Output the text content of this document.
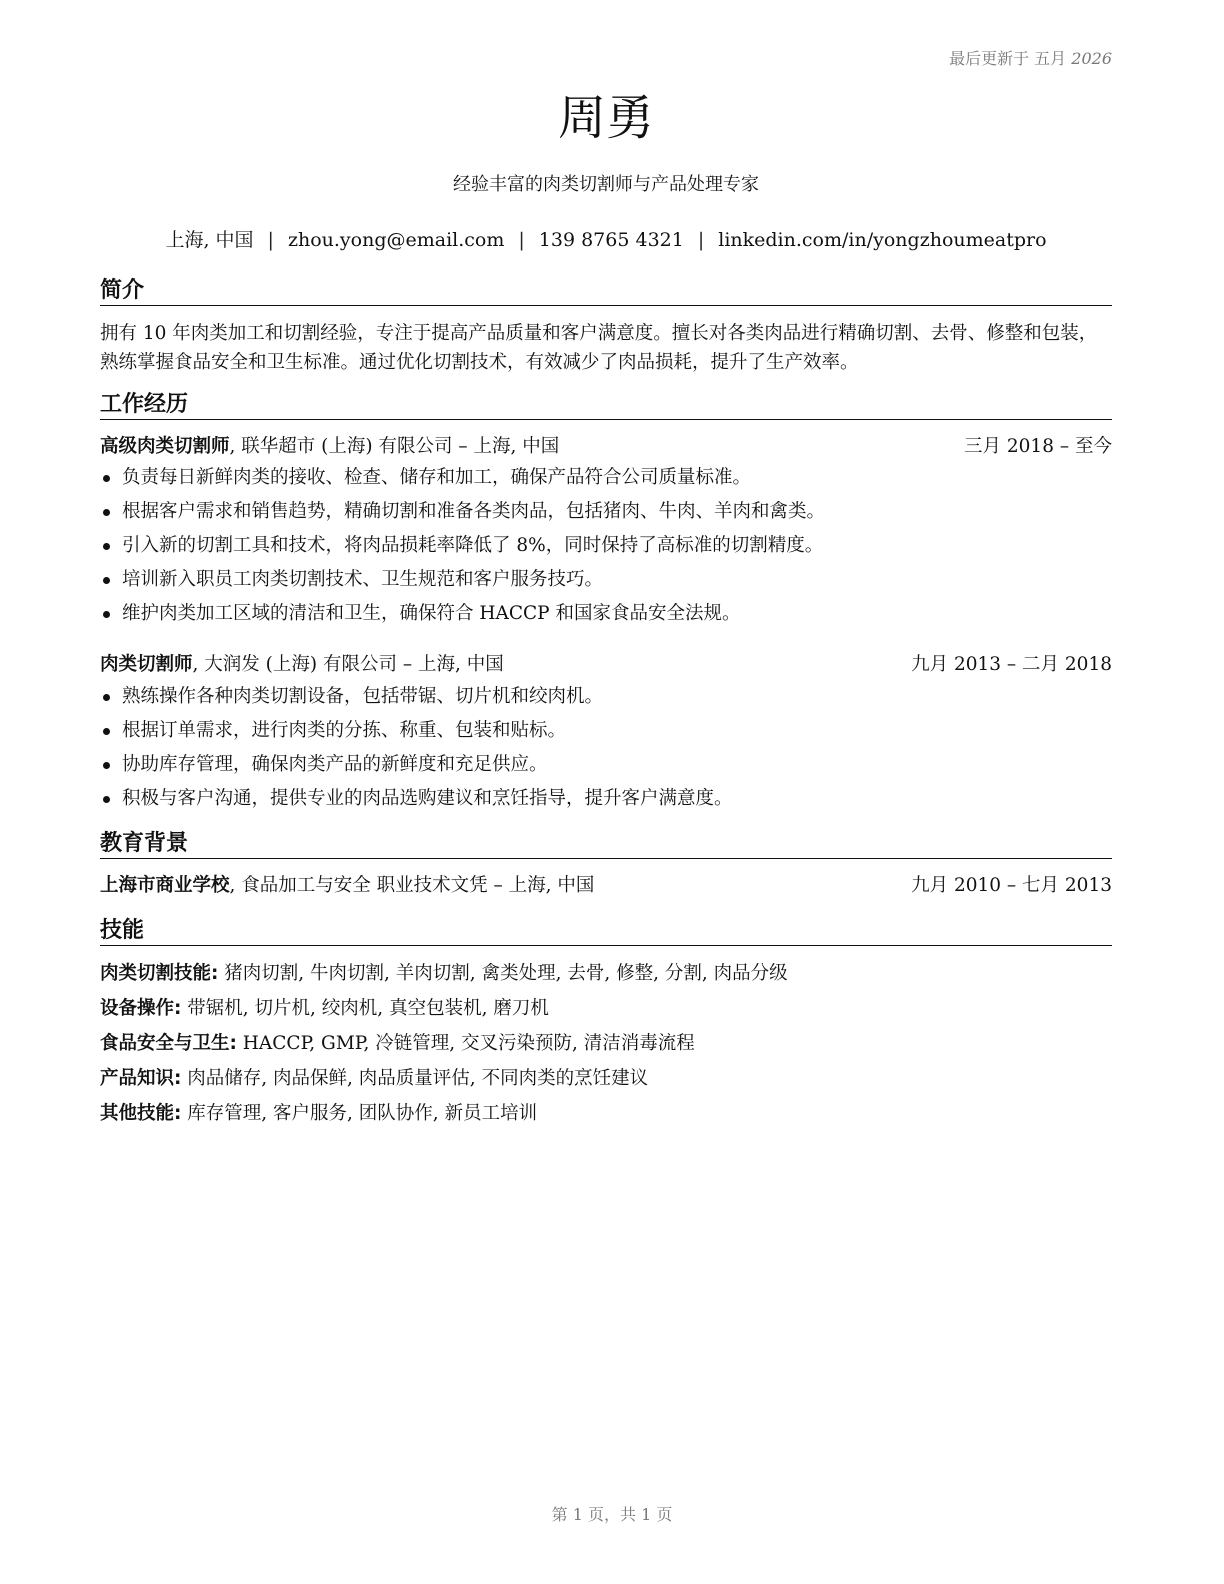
最后更新于 五月 2026
周勇
经验丰富的肉类切割师与产品处理专家
上海, 中国 | zhou.yong@email.com | 139 8765 4321 | linkedin.com/in/yongzhoumeatpro
简介
拥有 10 年肉类加工和切割经验，专注于提高产品质量和客户满意度。擅长对各类肉品进行精确切割、去骨、修整和包装，熟练掌握食品安全和卫生标准。通过优化切割技术，有效减少了肉品损耗，提升了生产效率。
工作经历
高级肉类切割师, 联华超市 (上海) 有限公司 – 上海, 中国	三月 2018 – 至今
负责每日新鲜肉类的接收、检查、储存和加工，确保产品符合公司质量标准。
根据客户需求和销售趋势，精确切割和准备各类肉品，包括猪肉、牛肉、羊肉和禽类。
引入新的切割工具和技术，将肉品损耗率降低了 8%，同时保持了高标准的切割精度。
培训新入职员工肉类切割技术、卫生规范和客户服务技巧。
维护肉类加工区域的清洁和卫生，确保符合 HACCP 和国家食品安全法规。
肉类切割师, 大润发 (上海) 有限公司 – 上海, 中国	九月 2013 – 二月 2018
熟练操作各种肉类切割设备，包括带锯、切片机和绞肉机。
根据订单需求，进行肉类的分拣、称重、包装和贴标。
协助库存管理，确保肉类产品的新鲜度和充足供应。
积极与客户沟通，提供专业的肉品选购建议和烹饪指导，提升客户满意度。
教育背景
上海市商业学校, 食品加工与安全 职业技术文凭 – 上海, 中国	九月 2010 – 七月 2013
技能
肉类切割技能: 猪肉切割, 牛肉切割, 羊肉切割, 禽类处理, 去骨, 修整, 分割, 肉品分级
设备操作: 带锯机, 切片机, 绞肉机, 真空包装机, 磨刀机
食品安全与卫生: HACCP, GMP, 冷链管理, 交叉污染预防, 清洁消毒流程
产品知识: 肉品储存, 肉品保鲜, 肉品质量评估, 不同肉类的烹饪建议
其他技能: 库存管理, 客户服务, 团队协作, 新员工培训
第 1 页，共 1 页
